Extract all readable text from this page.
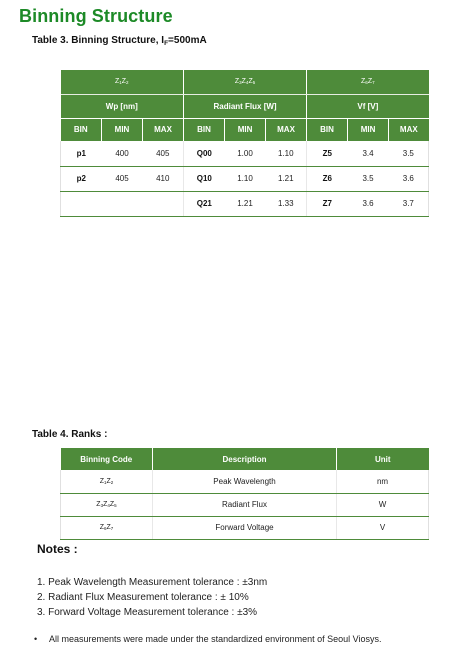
Binning Structure
Table 3. Binning Structure, $I_F=500mA$
$Z_1Z_2$			$Z_3Z_4Z_5$			$Z_6Z_7$
Wp [nm]			Radiant Flux [W]			Vf [V]		
BIN	MIN	MAX	BIN	MIN	MAX	BIN	MIN	MAX
p1	400	405	Q00	1.00	1.10	Z5	3.4	3.5
p2	405	410	Q10	1.10	1.21	Z6	3.5	3.6
			Q21	1.21	1.33	Z7	3.6	3.7
Table 4. Ranks :
Binning Code	Description	Unit
$Z_1Z_2$	Peak Wavelength	nm
$Z_3Z_4Z_5$	Radiant Flux	W
$Z_6Z_7$	Forward Voltage	V
Notes :
1. Peak Wavelength Measurement tolerance : ±3nm
2. Radiant Flux Measurement tolerance : ± 10%
3. Forward Voltage Measurement tolerance : ±3%
• All measurements were made under the standardized environment of Seoul Viosys.
